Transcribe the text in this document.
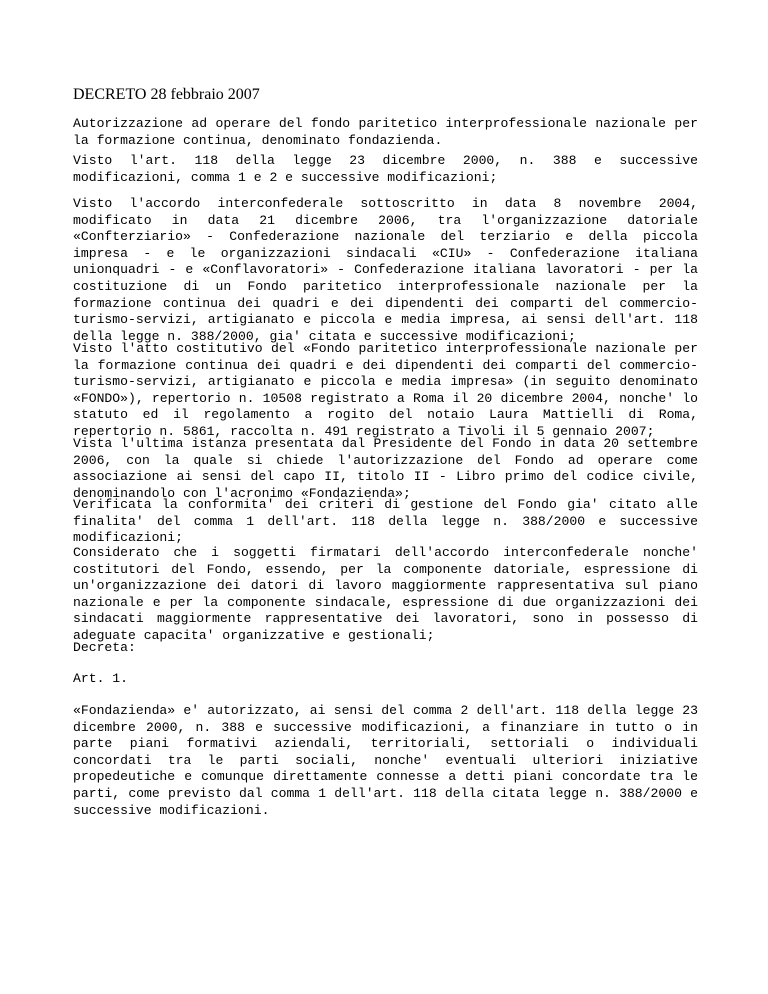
DECRETO 28 febbraio 2007
Autorizzazione ad operare del fondo paritetico interprofessionale nazionale per la formazione continua, denominato fondazienda.
Visto l'art. 118 della legge 23 dicembre 2000, n. 388 e successive modificazioni, comma 1 e 2 e successive modificazioni;
Visto l'accordo interconfederale sottoscritto in data 8 novembre 2004, modificato in data 21 dicembre 2006, tra l'organizzazione datoriale «Confterziario» - Confederazione nazionale del terziario e della piccola impresa - e le organizzazioni sindacali «CIU» - Confederazione italiana unionquadri - e «Conflavoratori» - Confederazione italiana lavoratori - per la costituzione di un Fondo paritetico interprofessionale nazionale per la formazione continua dei quadri e dei dipendenti dei comparti del commercio-turismo-servizi, artigianato e piccola e media impresa, ai sensi dell'art. 118 della legge n. 388/2000, gia' citata e successive modificazioni;
Visto l'atto costitutivo del «Fondo paritetico interprofessionale nazionale per la formazione continua dei quadri e dei dipendenti dei comparti del commercio-turismo-servizi, artigianato e piccola e media impresa» (in seguito denominato «FONDO»), repertorio n. 10508 registrato a Roma il 20 dicembre 2004, nonche' lo statuto ed il regolamento a rogito del notaio Laura Mattielli di Roma, repertorio n. 5861, raccolta n. 491 registrato a Tivoli il 5 gennaio 2007;
Vista l'ultima istanza presentata dal Presidente del Fondo in data 20 settembre 2006, con la quale si chiede l'autorizzazione del Fondo ad operare come associazione ai sensi del capo II, titolo II - Libro primo del codice civile, denominandolo con l'acronimo «Fondazienda»;
Verificata la conformita' dei criteri di gestione del Fondo gia' citato alle finalita' del comma 1 dell'art. 118 della legge n. 388/2000 e successive modificazioni;
Considerato che i soggetti firmatari dell'accordo interconfederale nonche' costitutori del Fondo, essendo, per la componente datoriale, espressione di un'organizzazione dei datori di lavoro maggiormente rappresentativa sul piano nazionale e per la componente sindacale, espressione di due organizzazioni dei sindacati maggiormente rappresentative dei lavoratori, sono in possesso di adeguate capacita' organizzative e gestionali;
Decreta:
Art. 1.
«Fondazienda» e' autorizzato, ai sensi del comma 2 dell'art. 118 della legge 23 dicembre 2000, n. 388 e successive modificazioni, a finanziare in tutto o in parte piani formativi aziendali, territoriali, settoriali o individuali concordati tra le parti sociali, nonche' eventuali ulteriori iniziative propedeutiche e comunque direttamente connesse a detti piani concordate tra le parti, come previsto dal comma 1 dell'art. 118 della citata legge n. 388/2000 e successive modificazioni.
